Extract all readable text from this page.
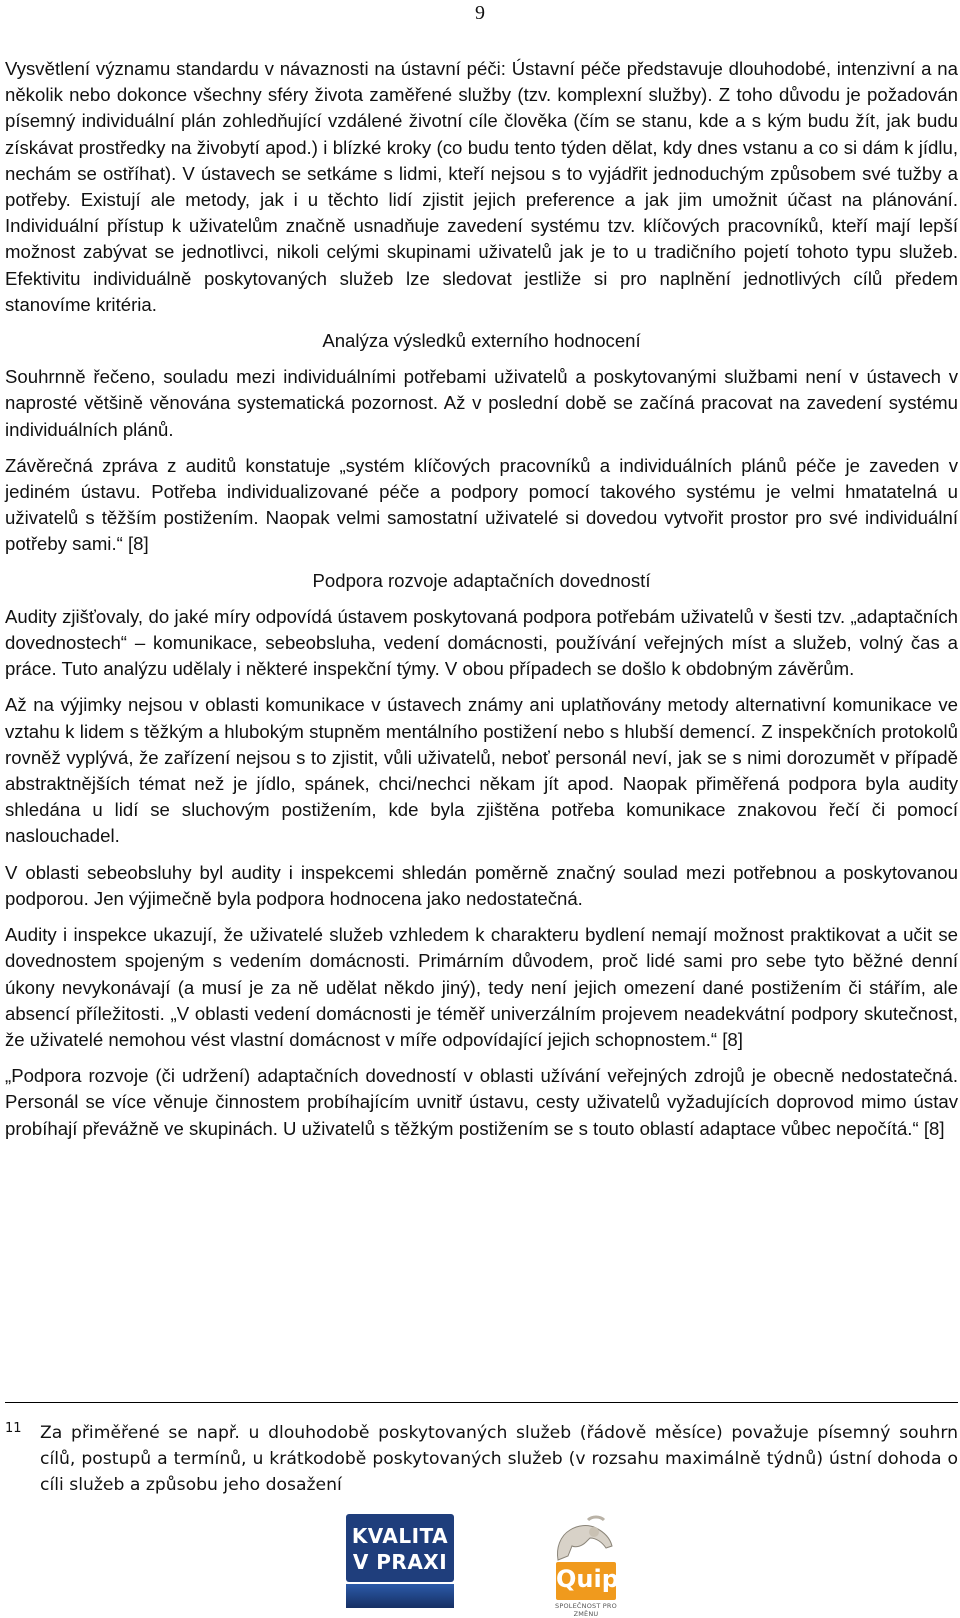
9

Vysvětlení významu standardu v návaznosti na ústavní péči: Ústavní péče představuje dlouhodobé, intenzivní a na několik nebo dokonce všechny sféry života zaměřené služby (tzv. komplexní služby). Z toho důvodu je požadován písemný individuální plán zohledňující vzdálené životní cíle člověka (čím se stanu, kde a s kým budu žít, jak budu získávat prostředky na živobytí apod.) i blízké kroky (co budu tento týden dělat, kdy dnes vstanu a co si dám k jídlu, nechám se ostříhat). V ústavech se setkáme s lidmi, kteří nejsou s to vyjádřit jednoduchým způsobem své tužby a potřeby. Existují ale metody, jak i u těchto lidí zjistit jejich preference a jak jim umožnit účast na plánování. Individuální přístup k uživatelům značně usnadňuje zavedení systému tzv. klíčových pracovníků, kteří mají lepší možnost zabývat se jednotlivci, nikoli celými skupinami uživatelů jak je to u tradičního pojetí tohoto typu služeb. Efektivitu individuálně poskytovaných služeb lze sledovat jestliže si pro naplnění jednotlivých cílů předem stanovíme kritéria.

Analýza výsledků externího hodnocení

Souhrnně řečeno, souladu mezi individuálními potřebami uživatelů a poskytovanými službami není v ústavech v naprosté většině věnována systematická pozornost. Až v poslední době se začíná pracovat na zavedení systému individuálních plánů.

Závěrečná zpráva z auditů konstatuje „systém klíčových pracovníků a individuálních plánů péče je zaveden v jediném ústavu. Potřeba individualizované péče a podpory pomocí takového systému je velmi hmatatelná u uživatelů s těžším postižením. Naopak velmi samostatní uživatelé si dovedou vytvořit prostor pro své individuální potřeby sami.“ [8]

Podpora rozvoje adaptačních dovedností

Audity zjišťovaly, do jaké míry odpovídá ústavem poskytovaná podpora potřebám uživatelů v šesti tzv. „adaptačních dovednostech“ – komunikace, sebeobsluha, vedení domácnosti, používání veřejných míst a služeb, volný čas a práce. Tuto analýzu udělaly i některé inspekční týmy. V obou případech se došlo k obdobným závěrům.

Až na výjimky nejsou v oblasti komunikace v ústavech známy ani uplatňovány metody alternativní komunikace ve vztahu k lidem s těžkým a hlubokým stupněm mentálního postižení nebo s hlubší demencí. Z inspekčních protokolů rovněž vyplývá, že zařízení nejsou s to zjistit, vůli uživatelů, neboť personál neví, jak se s nimi dorozumět v případě abstraktnějších témat než je jídlo, spánek, chci/nechci někam jít apod. Naopak přiměřená podpora byla audity shledána u lidí se sluchovým postižením, kde byla zjištěna potřeba komunikace znakovou řečí či pomocí naslouchadel.

V oblasti sebeobsluhy byl audity i inspekcemi shledán poměrně značný soulad mezi potřebnou a poskytovanou podporou. Jen výjimečně byla podpora hodnocena jako nedostatečná.

Audity i inspekce ukazují, že uživatelé služeb vzhledem k charakteru bydlení nemají možnost praktikovat a učit se dovednostem spojeným s vedením domácnosti. Primárním důvodem, proč lidé sami pro sebe tyto běžné denní úkony nevykonávají (a musí je za ně udělat někdo jiný), tedy není jejich omezení dané postižením či stářím, ale absencí příležitosti. „V oblasti vedení domácnosti je téměř univerzálním projevem neadekvátní podpory skutečnost, že uživatelé nemohou vést vlastní domácnost v míře odpovídající jejich schopnostem.“ [8]

„Podpora rozvoje (či udržení) adaptačních dovedností v oblasti užívání veřejných zdrojů je obecně nedostatečná. Personál se více věnuje činnostem probíhajícím uvnitř ústavu, cesty uživatelů vyžadujících doprovod mimo ústav probíhají převážně ve skupinách. U uživatelů s těžkým postižením se s touto oblastí adaptace vůbec nepočítá.“ [8]

11 Za přiměřené se např. u dlouhodobě poskytovaných služeb (řádově měsíce) považuje písemný souhrn cílů, postupů a termínů, u krátkodobě poskytovaných služeb (v rozsahu maximálně týdnů) ústní dohoda o cíli služeb a způsobu jeho dosažení
KVALITA
V PRAXI
Quip
SPOLEČNOST PRO ZMĚNU
